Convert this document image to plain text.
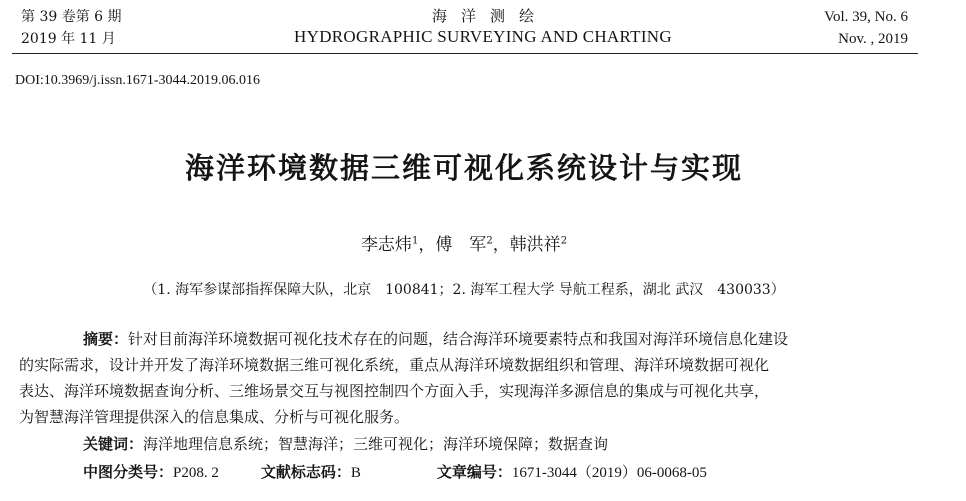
第 39 卷第 6 期
2019 年 11 月
海洋测绘
HYDROGRAPHIC SURVEYING AND CHARTING
Vol. 39, No. 6
Nov. , 2019
DOI:10.3969/j.issn.1671-3044.2019.06.016
海洋环境数据三维可视化系统设计与实现
李志炜$^1$，傅　军$^2$，韩洪祥$^2$
（1. 海军参谋部指挥保障大队，北京　100841；2. 海军工程大学 导航工程系，湖北 武汉　430033）

摘要：针对目前海洋环境数据可视化技术存在的问题，结合海洋环境要素特点和我国对海洋环境信息化建设

的实际需求，设计并开发了海洋环境数据三维可视化系统，重点从海洋环境数据组织和管理、海洋环境数据可视化

表达、海洋环境数据查询分析、三维场景交互与视图控制四个方面入手，实现海洋多源信息的集成与可视化共享，

为智慧海洋管理提供深入的信息集成、分析与可视化服务。

关键词：海洋地理信息系统；智慧海洋；三维可视化；海洋环境保障；数据查询
中图分类号：P208. 2	文献标志码：B	文章编号：1671-3044（2019）06-0068-05
